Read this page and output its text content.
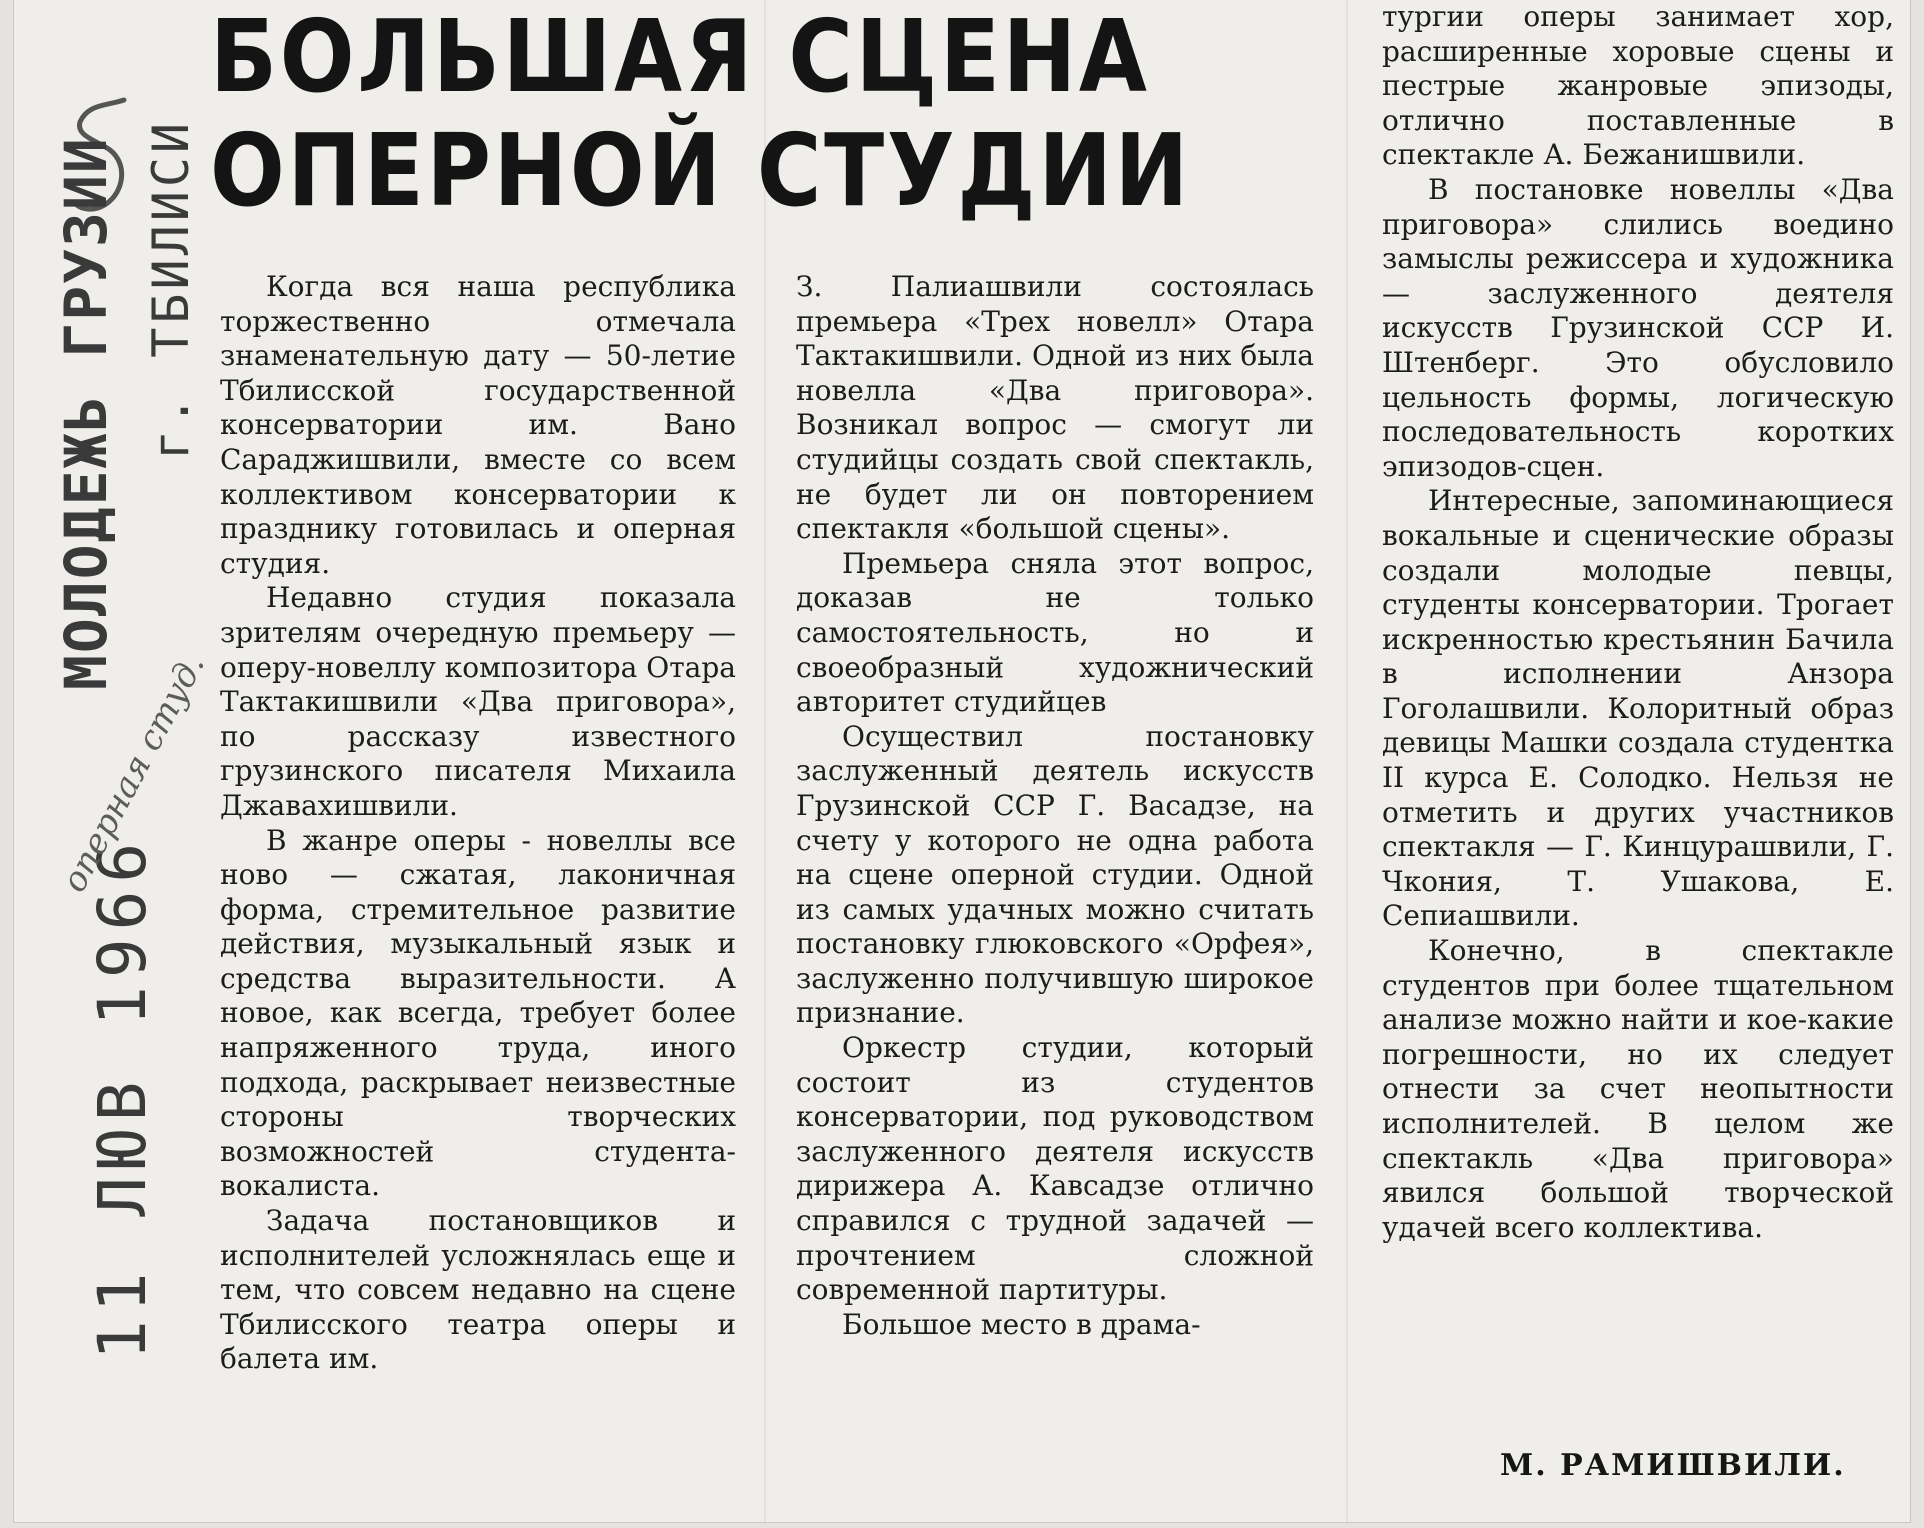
МОЛОДЕЖЬ ГРУЗИИ г. ТБИЛИСИ
11 ЛЮВ 1966
оперная студ.
БОЛЬШАЯ СЦЕНА
ОПЕРНОЙ СТУДИИ

Когда вся наша республика торжественно отмечала знаменательную дату — 50-летие Тбилисской государственной консерватории им. Вано Сараджишвили, вместе со всем коллективом консерватории к празднику готовилась и оперная студия.

Недавно студия показала зрителям очередную премьеру — оперу-новеллу композитора Отара Тактакишвили «Два приговора», по рассказу известного грузинского писателя Михаила Джавахишвили.

В жанре оперы - новеллы все ново — сжатая, лаконичная форма, стремительное развитие действия, музыкальный язык и средства выразительности. А новое, как всегда, требует более напряженного труда, иного подхода, раскрывает неизвестные стороны творческих возможностей студента-вокалиста.

Задача постановщиков и исполнителей усложнялась еще и тем, что совсем недавно на сцене Тбилисского театра оперы и балета им.

З. Палиашвили состоялась премьера «Трех новелл» Отара Тактакишвили. Одной из них была новелла «Два приговора». Возникал вопрос — смогут ли студийцы создать свой спектакль, не будет ли он повторением спектакля «большой сцены».

Премьера сняла этот вопрос, доказав не только самостоятельность, но и своеобразный художнический авторитет студийцев

Осуществил постановку заслуженный деятель искусств Грузинской ССР Г. Васадзе, на счету у которого не одна работа на сцене оперной студии. Одной из самых удачных можно считать постановку глюковского «Орфея», заслуженно получившую широкое признание.

Оркестр студии, который состоит из студентов консерватории, под руководством заслуженного деятеля искусств дирижера А. Кавсадзе отлично справился с трудной задачей — прочтением сложной современной партитуры.

Большое место в драма-

тургии оперы занимает хор, расширенные хоровые сцены и пестрые жанровые эпизоды, отлично поставленные в спектакле А. Бежанишвили.

В постановке новеллы «Два приговора» слились воедино замыслы режиссера и художника — заслуженного деятеля искусств Грузинской ССР И. Штенберг. Это обусловило цельность формы, логическую последовательность коротких эпизодов-сцен.

Интересные, запоминающиеся вокальные и сценические образы создали молодые певцы, студенты консерватории. Трогает искренностью крестьянин Бачила в исполнении Анзора Гоголашвили. Колоритный образ девицы Машки создала студентка II курса Е. Солодко. Нельзя не отметить и других участников спектакля — Г. Кинцурашвили, Г. Чкония, Т. Ушакова, Е. Сепиашвили.

Конечно, в спектакле студентов при более тщательном анализе можно найти и кое-какие погрешности, но их следует отнести за счет неопытности исполнителей. В целом же спектакль «Два приговора» явился большой творческой удачей всего коллектива.

М. РАМИШВИЛИ.
